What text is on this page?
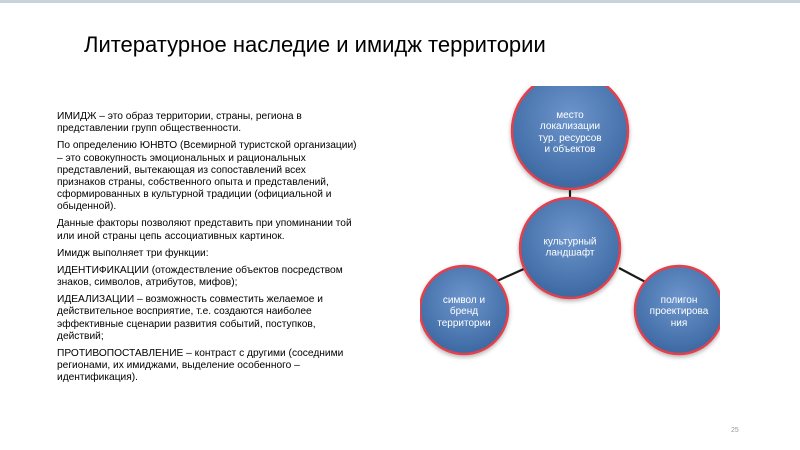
Литературное наследие и имидж территории

ИМИДЖ – это образ территории, страны, региона в представлении групп общественности.

По определению ЮНВТО (Всемирной туристской организации) – это совокупность эмоциональных и рациональных представлений, вытекающая из сопоставлений всех признаков страны, собственного опыта и представлений, сформированных в культурной традиции (официальной и обыденной).

Данные факторы позволяют представить при упоминании той или иной страны цепь ассоциативных картинок.

Имидж выполняет три функции:

ИДЕНТИФИКАЦИИ (отождествление объектов посредством знаков, символов, атрибутов, мифов);

ИДЕАЛИЗАЦИИ – возможность совместить желаемое и действительное восприятие, т.е. создаются наиболее эффективные сценарии развития событий, поступков, действий;

ПРОТИВОПОСТАВЛЕНИЕ – контраст с другими (соседними регионами, их имиджами, выделение особенного – идентификация).

место
локализации
тур. ресурсов
и объектов
культурный
ландшафт
символ и
бренд
территории
полигон
проектирова
ния
25
